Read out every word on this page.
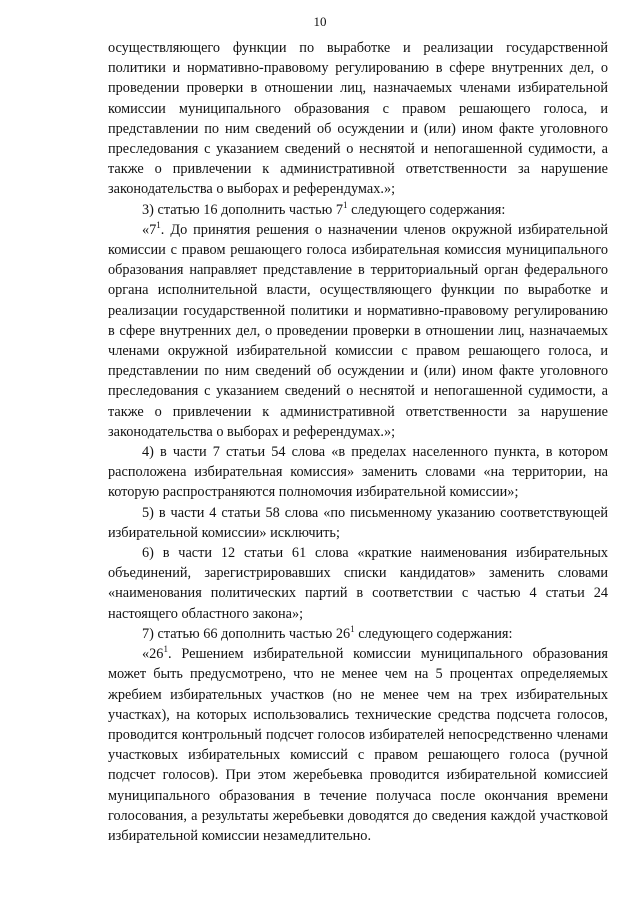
10

осуществляющего функции по выработке и реализации государственной политики и нормативно-правовому регулированию в сфере внутренних дел, о проведении проверки в отношении лиц, назначаемых членами избирательной комиссии муниципального образования с правом решающего голоса, и представлении по ним сведений об осуждении и (или) ином факте уголовного преследования с указанием сведений о неснятой и непогашенной судимости, а также о привлечении к административной ответственности за нарушение законодательства о выборах и референдумах.»;

3) статью 16 дополнить частью $7^1$ следующего содержания:

«$7^1$. До принятия решения о назначении членов окружной избирательной комиссии с правом решающего голоса избирательная комиссия муниципального образования направляет представление в территориальный орган федерального органа исполнительной власти, осуществляющего функции по выработке и реализации государственной политики и нормативно-правовому регулированию в сфере внутренних дел, о проведении проверки в отношении лиц, назначаемых членами окружной избирательной комиссии с правом решающего голоса, и представлении по ним сведений об осуждении и (или) ином факте уголовного преследования с указанием сведений о неснятой и непогашенной судимости, а также о привлечении к административной ответственности за нарушение законодательства о выборах и референдумах.»;

4) в части 7 статьи 54 слова «в пределах населенного пункта, в котором расположена избирательная комиссия» заменить словами «на территории, на которую распространяются полномочия избирательной комиссии»;

5) в части 4 статьи 58 слова «по письменному указанию соответствующей избирательной комиссии» исключить;

6) в части 12 статьи 61 слова «краткие наименования избирательных объединений, зарегистрировавших списки кандидатов» заменить словами «наименования политических партий в соответствии с частью 4 статьи 24 настоящего областного закона»;

7) статью 66 дополнить частью $26^1$ следующего содержания:

«$26^1$. Решением избирательной комиссии муниципального образования может быть предусмотрено, что не менее чем на 5 процентах определяемых жребием избирательных участков (но не менее чем на трех избирательных участках), на которых использовались технические средства подсчета голосов, проводится контрольный подсчет голосов избирателей непосредственно членами участковых избирательных комиссий с правом решающего голоса (ручной подсчет голосов). При этом жеребьевка проводится избирательной комиссией муниципального образования в течение получаса после окончания времени голосования, а результаты жеребьевки доводятся до сведения каждой участковой избирательной комиссии незамедлительно.
